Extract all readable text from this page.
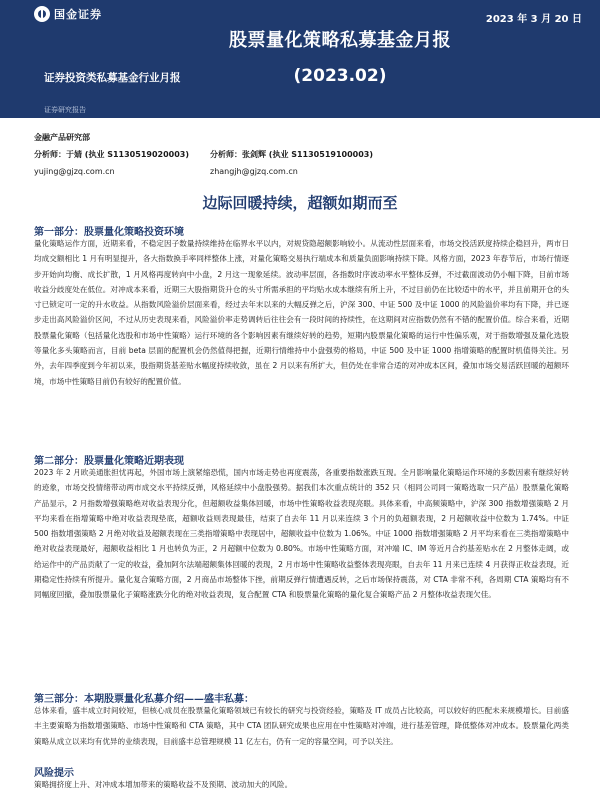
国金证券	2023 年 3 月 20 日
股票量化策略私募基金月报
(2023.02)
证券投资类私募基金行业月报
证券研究报告
金融产品研究部
分析师：于婧 (执业 S1130519020003)
yujing@gjzq.com.cn
分析师：张剑辉 (执业 S1130519100003)
zhangjh@gjzq.com.cn
边际回暖持续，超额如期而至
第一部分：股票量化策略投资环境
量化策略运作方面，近期来看，不稳定因子数量持续维持在临界水平以内，对规贷隐超额影响较小。从流动性层面来看，市场交投活跃度持续企稳回升，两市日均成交额相比 1 月有明显提升，各大指数换手率同样整体上涨，对量化策略交易执行端成本和质量负面影响持续下降。风格方面，2023 年春节后，市场行情逐步开始向均衡、成长扩散，1 月风格再度转向中小盘，2 月这一现象延续。波动率层面，各指数时序波动率水平整体反弹，不过截面波动仍小幅下降，目前市场收益分歧度处在低位。对冲成本来看，近期三大股指期货升仓的头寸所需承担的平均贴水成本继续有所上升，不过目前仍在比较适中的水平，并且前期开仓的头寸已锁定可一定的升水收益。从指数风险溢价层面来看，经过去年末以来的大幅反弹之后，沪深 300、中证 500 及中证 1000 的风险溢价率均有下降，并已逐步走出高风险溢价区间，不过从历史表现来看，风险溢价率走势调转后往往会有一段时间的持续性，在这期间对应指数仍然有不错的配置价值。综合来看，近期股票量化策略（包括量化选股和市场中性策略）运行环境的各个影响因素有继续好转的趋势，短期内股票量化策略的运行中性偏乐观，对于指数增强及量化选股等量化多头策略而言，目前 beta 层面的配置机会仍然值得把握，近期行情维持中小盘强势的格局，中证 500 及中证 1000 指增策略的配置时机值得关注。另外，去年四季度到今年初以来，股指期货基差贴水幅度持续收敛，虽在 2 月以来有所扩大，但仍处在非常合适的对冲成本区间，叠加市场交易活跃回暖的超额环境，市场中性策略目前仍有较好的配置价值。
第二部分：股票量化策略近期表现
2023 年 2 月欧美通胀担忧再起，外国市场上演紧缩恐慌，国内市场走势也再度震荡，各重要指数涨跌互现。全月影响量化策略运作环境的多数因素有继续好转的迹象，市场交投情绪带动两市成交水平持续反弹，风格延续中小盘股强势。据我们本次重点统计的 352 只（相同公司同一策略选取一只产品）股票量化策略产品显示，2 月指数增强策略绝对收益表现分化，但超额收益集体回暖，市场中性策略收益表现亮眼。具体来看，中高频策略中，沪深 300 指数增强策略 2 月平均来看在指增策略中绝对收益表现垫底，超额收益则表现最佳，结束了自去年 11 月以来连续 3 个月的负超额表现，2 月超额收益中位数为 1.74%。中证 500 指数增强策略 2 月绝对收益及超额表现在三类指增策略中表现居中，超额收益中位数为 1.06%。中证 1000 指数增强策略 2 月平均来看在三类指增策略中绝对收益表现最好，超额收益相比 1 月也转负为正，2 月超额中位数为 0.80%。市场中性策略方面，对冲端 IC、IM 等近月合约基差贴水在 2 月整体走阔，或给运作中的产品贡献了一定的收益，叠加阿尔法端超额集体回暖的表现，2 月市场中性策略收益整体表现亮眼，自去年 11 月来已连续 4 月获得正收益表现，近期稳定性持续有所提升。量化复合策略方面，2 月商品市场整体下挫，前期反弹行情遭遇反转，之后市场保持震荡，对 CTA 非常不利，各周期 CTA 策略均有不同幅度回撤，叠加股票量化子策略涨跌分化的绝对收益表现，复合配置 CTA 和股票量化策略的量化复合策略产品 2 月整体收益表现欠佳。
第三部分：本期股票量化私募介绍——盛丰私募：
总体来看，盛丰成立时间较短，但核心成员在股票量化策略领域已有较长的研究与投资经验，策略及 IT 成员占比较高，可以较好的匹配未来规模增长。目前盛丰主要策略为指数增强策略、市场中性策略和 CTA 策略，其中 CTA 团队研究成果也应用在中性策略对冲端，进行基差管理，降低整体对冲成本。股票量化两类策略从成立以来均有优异的业绩表现，目前盛丰总管理规模 11 亿左右，仍有一定的容量空间，可予以关注。
风险提示
策略拥挤度上升、对冲成本增加带来的策略收益不及预期、波动加大的风险。
